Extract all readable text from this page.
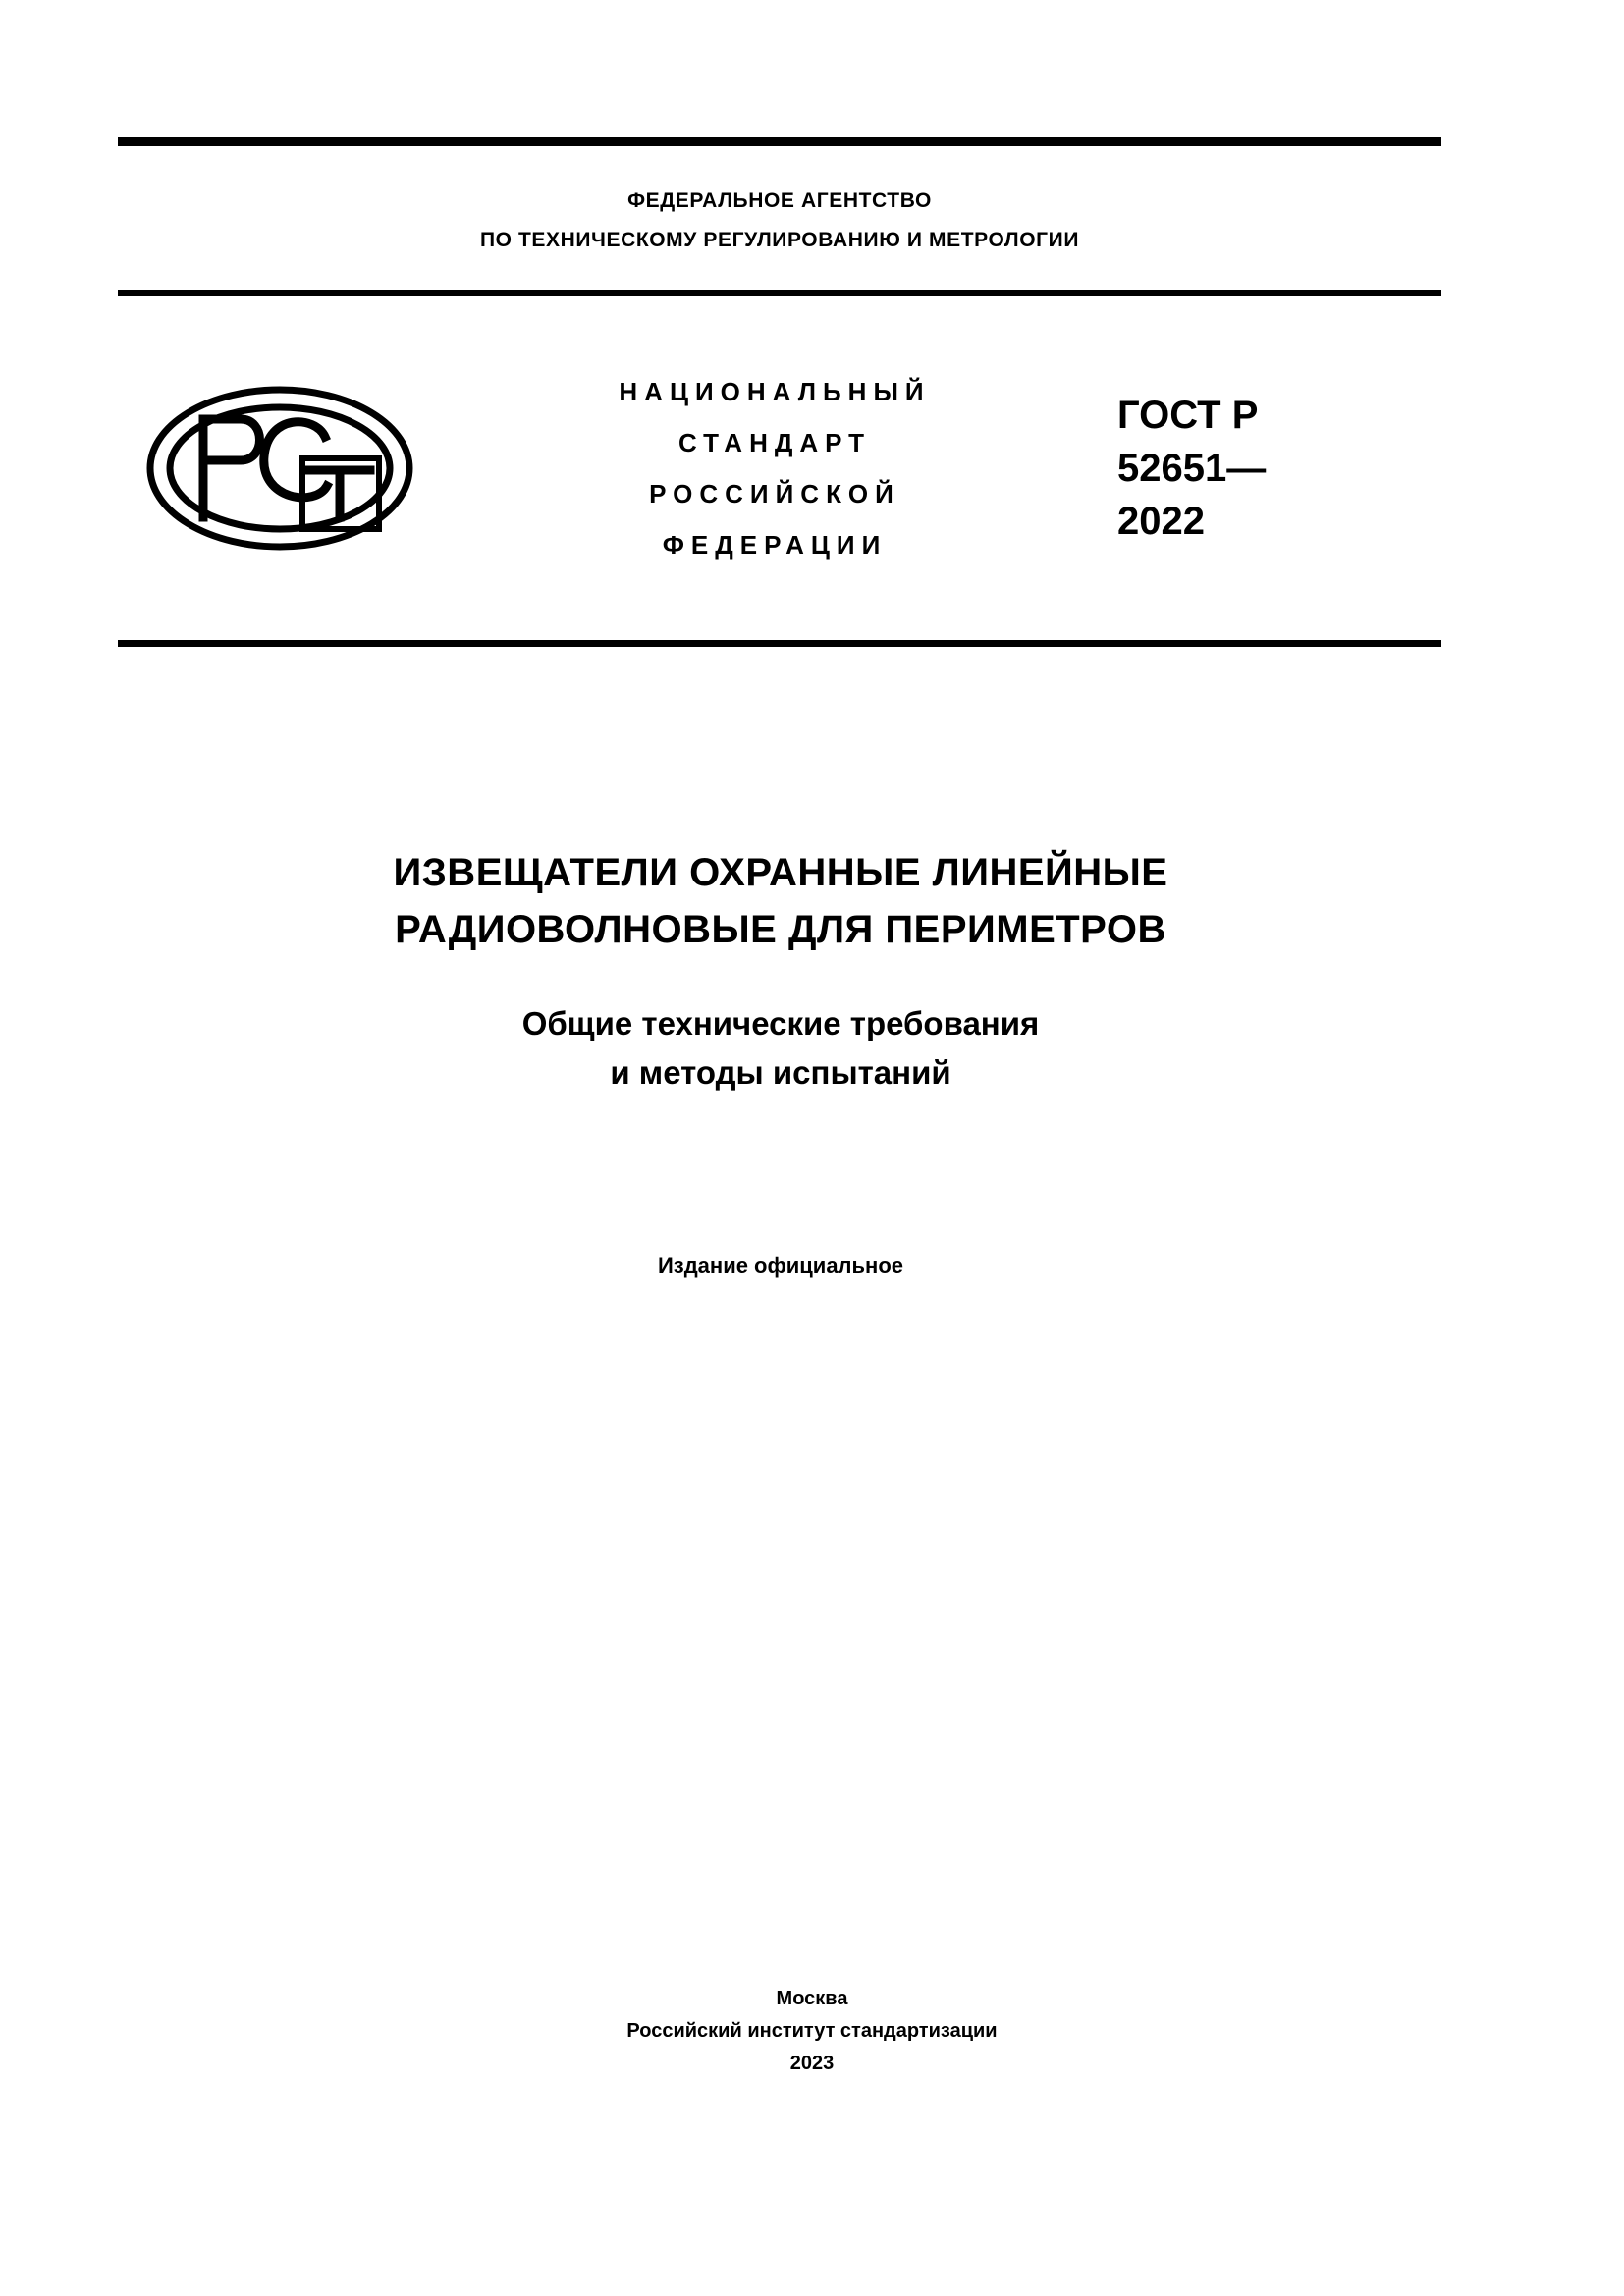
ФЕДЕРАЛЬНОЕ АГЕНТСТВО
ПО ТЕХНИЧЕСКОМУ РЕГУЛИРОВАНИЮ И МЕТРОЛОГИИ
НАЦИОНАЛЬНЫЙ
СТАНДАРТ
РОССИЙСКОЙ
ФЕДЕРАЦИИ
ГОСТ Р
52651—
2022
ИЗВЕЩАТЕЛИ ОХРАННЫЕ ЛИНЕЙНЫЕ
РАДИОВОЛНОВЫЕ ДЛЯ ПЕРИМЕТРОВ
Общие технические требования
и методы испытаний
Издание официальное
Москва
Российский институт стандартизации
2023
